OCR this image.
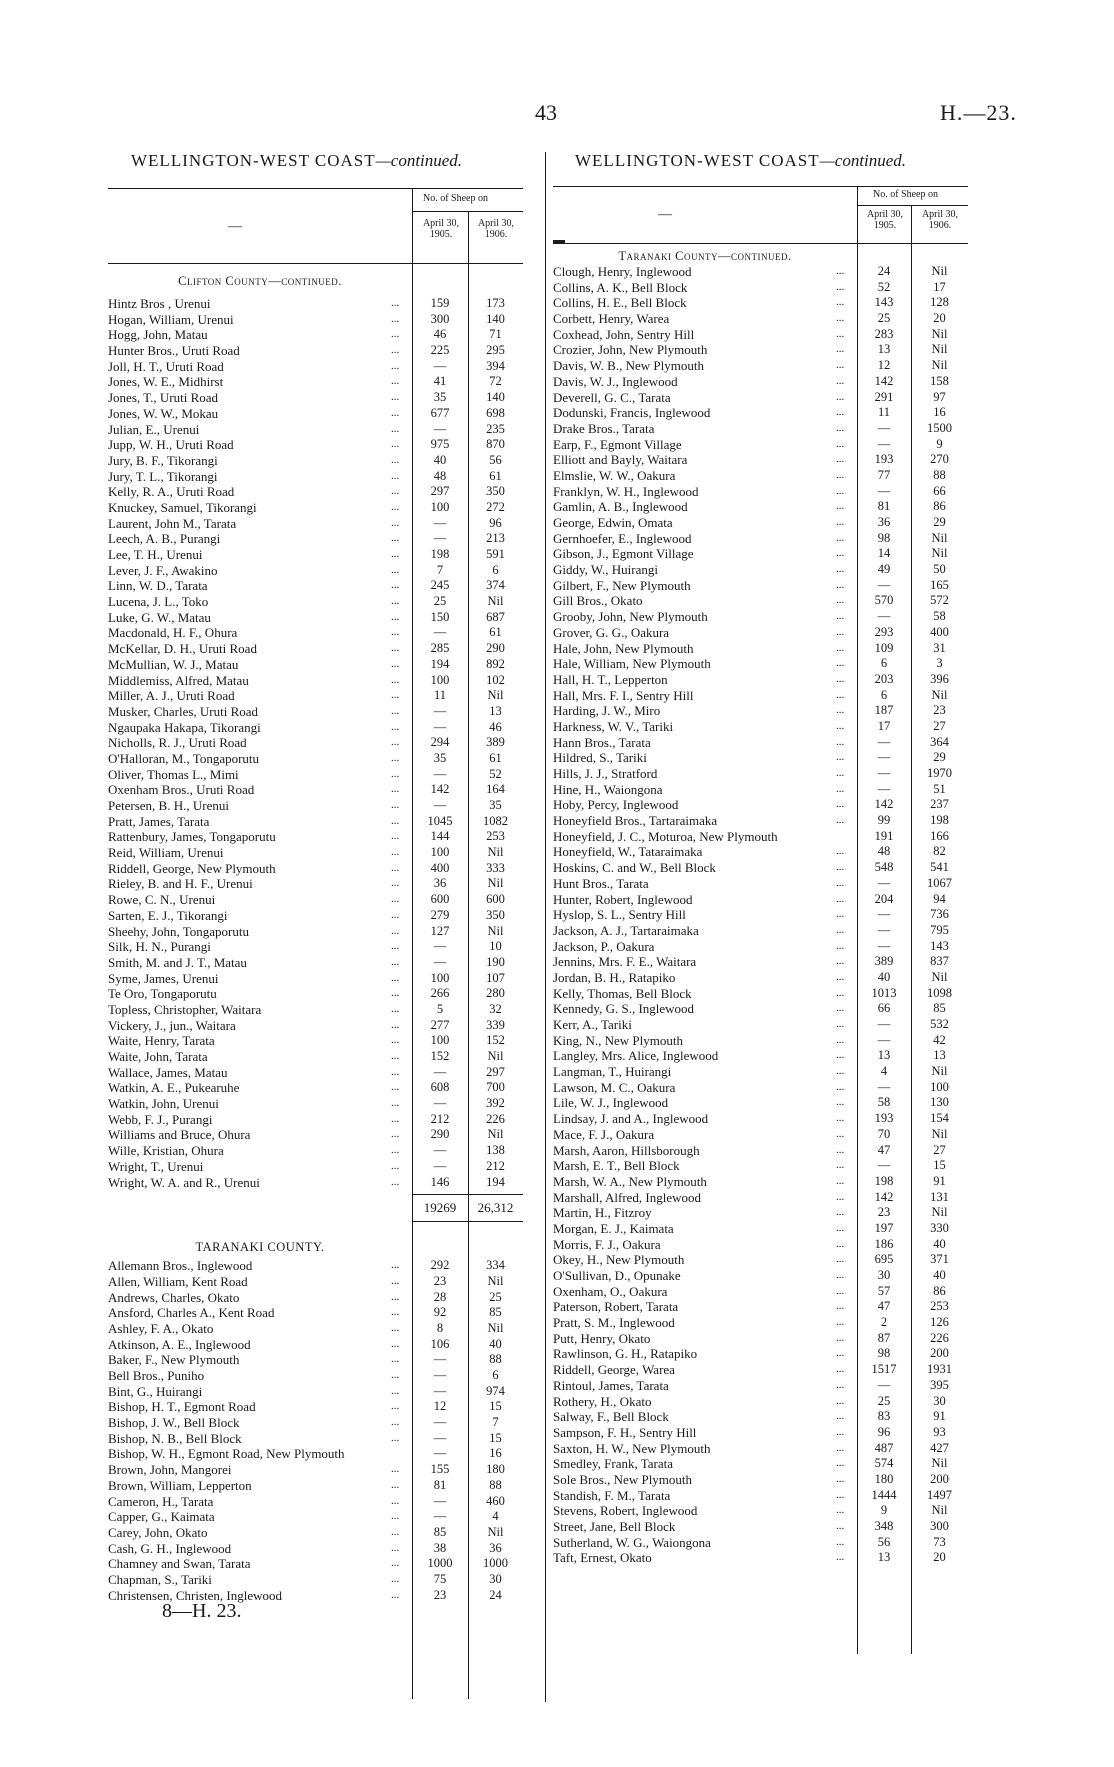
43	H.—23.
WELLINGTON-WEST COAST—continued.
—
No. of Sheep on
April 30, 1905.
April 30, 1906.
Clifton County—continued.
Hintz Bros , Urenui	...	159	173
Hogan, William, Urenui	...	300	140
Hogg, John, Matau	...	46	71
Hunter Bros., Uruti Road	...	225	295
Joll, H. T., Uruti Road	...	—	394
Jones, W. E., Midhirst	...	41	72
Jones, T., Uruti Road	...	35	140
Jones, W. W., Mokau	...	677	698
Julian, E., Urenui	...	—	235
Jupp, W. H., Uruti Road	...	975	870
Jury, B. F., Tikorangi	...	40	56
Jury, T. L., Tikorangi	...	48	61
Kelly, R. A., Uruti Road	...	297	350
Knuckey, Samuel, Tikorangi	...	100	272
Laurent, John M., Tarata	...	—	96
Leech, A. B., Purangi	...	—	213
Lee, T. H., Urenui	...	198	591
Lever, J. F., Awakino	...	7	6
Linn, W. D., Tarata	...	245	374
Lucena, J. L., Toko	...	25	Nil
Luke, G. W., Matau	...	150	687
Macdonald, H. F., Ohura	...	—	61
McKellar, D. H., Uruti Road	...	285	290
McMullian, W. J., Matau	...	194	892
Middlemiss, Alfred, Matau	...	100	102
Miller, A. J., Uruti Road	...	11	Nil
Musker, Charles, Uruti Road	...	—	13
Ngaupaka Hakapa, Tikorangi	...	—	46
Nicholls, R. J., Uruti Road	...	294	389
O'Halloran, M., Tongaporutu	...	35	61
Oliver, Thomas L., Mimi	...	—	52
Oxenham Bros., Uruti Road	...	142	164
Petersen, B. H., Urenui	...	—	35
Pratt, James, Tarata	...	1045	1082
Rattenbury, James, Tongaporutu	...	144	253
Reid, William, Urenui	...	100	Nil
Riddell, George, New Plymouth	...	400	333
Rieley, B. and H. F., Urenui	...	36	Nil
Rowe, C. N., Urenui	...	600	600
Sarten, E. J., Tikorangi	...	279	350
Sheehy, John, Tongaporutu	...	127	Nil
Silk, H. N., Purangi	...	—	10
Smith, M. and J. T., Matau	...	—	190
Syme, James, Urenui	...	100	107
Te Oro, Tongaporutu	...	266	280
Topless, Christopher, Waitara	...	5	32
Vickery, J., jun., Waitara	...	277	339
Waite, Henry, Tarata	...	100	152
Waite, John, Tarata	...	152	Nil
Wallace, James, Matau	...	—	297
Watkin, A. E., Pukearuhe	...	608	700
Watkin, John, Urenui	...	—	392
Webb, F. J., Purangi	...	212	226
Williams and Bruce, Ohura	...	290	Nil
Wille, Kristian, Ohura	...	—	138
Wright, T., Urenui	...	—	212
Wright, W. A. and R., Urenui	...	146	194
19269	26,312
TARANAKI COUNTY.
Allemann Bros., Inglewood	...	292	334
Allen, William, Kent Road	...	23	Nil
Andrews, Charles, Okato	...	28	25
Ansford, Charles A., Kent Road	...	92	85
Ashley, F. A., Okato	...	8	Nil
Atkinson, A. E., Inglewood	...	106	40
Baker, F., New Plymouth	...	—	88
Bell Bros., Puniho	...	—	6
Bint, G., Huirangi	...	—	974
Bishop, H. T., Egmont Road	...	12	15
Bishop, J. W., Bell Block	...	—	7
Bishop, N. B., Bell Block	...	—	15
Bishop, W. H., Egmont Road, New Plymouth	—	16
Brown, John, Mangorei	...	155	180
Brown, William, Lepperton	...	81	88
Cameron, H., Tarata	...	—	460
Capper, G., Kaimata	...	—	4
Carey, John, Okato	...	85	Nil
Cash, G. H., Inglewood	...	38	36
Chamney and Swan, Tarata	...	1000	1000
Chapman, S., Tariki	...	75	30
Christensen, Christen, Inglewood	...	23	24
8—H. 23.
WELLINGTON-WEST COAST—continued.
—
No. of Sheep on
April 30, 1905.
April 30, 1906.
Taranaki County—continued.
Clough, Henry, Inglewood	...	24	Nil
Collins, A. K., Bell Block	...	52	17
Collins, H. E., Bell Block	...	143	128
Corbett, Henry, Warea	...	25	20
Coxhead, John, Sentry Hill	...	283	Nil
Crozier, John, New Plymouth	...	13	Nil
Davis, W. B., New Plymouth	...	12	Nil
Davis, W. J., Inglewood	...	142	158
Deverell, G. C., Tarata	...	291	97
Dodunski, Francis, Inglewood	...	11	16
Drake Bros., Tarata	...	—	1500
Earp, F., Egmont Village	...	—	9
Elliott and Bayly, Waitara	...	193	270
Elmslie, W. W., Oakura	...	77	88
Franklyn, W. H., Inglewood	...	—	66
Gamlin, A. B., Inglewood	...	81	86
George, Edwin, Omata	...	36	29
Gernhoefer, E., Inglewood	...	98	Nil
Gibson, J., Egmont Village	...	14	Nil
Giddy, W., Huirangi	...	49	50
Gilbert, F., New Plymouth	...	—	165
Gill Bros., Okato	...	570	572
Grooby, John, New Plymouth	...	—	58
Grover, G. G., Oakura	...	293	400
Hale, John, New Plymouth	...	109	31
Hale, William, New Plymouth	...	6	3
Hall, H. T., Lepperton	...	203	396
Hall, Mrs. F. I., Sentry Hill	...	6	Nil
Harding, J. W., Miro	...	187	23
Harkness, W. V., Tariki	...	17	27
Hann Bros., Tarata	...	—	364
Hildred, S., Tariki	...	—	29
Hills, J. J., Stratford	...	—	1970
Hine, H., Waiongona	...	—	51
Hoby, Percy, Inglewood	...	142	237
Honeyfield Bros., Tartaraimaka	...	99	198
Honeyfield, J. C., Moturoa, New Plymouth	191	166
Honeyfield, W., Tataraimaka	...	48	82
Hoskins, C. and W., Bell Block	...	548	541
Hunt Bros., Tarata	...	—	1067
Hunter, Robert, Inglewood	...	204	94
Hyslop, S. L., Sentry Hill	...	—	736
Jackson, A. J., Tartaraimaka	...	—	795
Jackson, P., Oakura	...	—	143
Jennins, Mrs. F. E., Waitara	...	389	837
Jordan, B. H., Ratapiko	...	40	Nil
Kelly, Thomas, Bell Block	...	1013	1098
Kennedy, G. S., Inglewood	...	66	85
Kerr, A., Tariki	...	—	532
King, N., New Plymouth	...	—	42
Langley, Mrs. Alice, Inglewood	...	13	13
Langman, T., Huirangi	...	4	Nil
Lawson, M. C., Oakura	...	—	100
Lile, W. J., Inglewood	...	58	130
Lindsay, J. and A., Inglewood	...	193	154
Mace, F. J., Oakura	...	70	Nil
Marsh, Aaron, Hillsborough	...	47	27
Marsh, E. T., Bell Block	...	—	15
Marsh, W. A., New Plymouth	...	198	91
Marshall, Alfred, Inglewood	...	142	131
Martin, H., Fitzroy	...	23	Nil
Morgan, E. J., Kaimata	...	197	330
Morris, F. J., Oakura	...	186	40
Okey, H., New Plymouth	...	695	371
O'Sullivan, D., Opunake	...	30	40
Oxenham, O., Oakura	...	57	86
Paterson, Robert, Tarata	...	47	253
Pratt, S. M., Inglewood	...	2	126
Putt, Henry, Okato	...	87	226
Rawlinson, G. H., Ratapiko	...	98	200
Riddell, George, Warea	...	1517	1931
Rintoul, James, Tarata	...	—	395
Rothery, H., Okato	...	25	30
Salway, F., Bell Block	...	83	91
Sampson, F. H., Sentry Hill	...	96	93
Saxton, H. W., New Plymouth	...	487	427
Smedley, Frank, Tarata	...	574	Nil
Sole Bros., New Plymouth	...	180	200
Standish, F. M., Tarata	...	1444	1497
Stevens, Robert, Inglewood	...	9	Nil
Street, Jane, Bell Block	...	348	300
Sutherland, W. G., Waiongona	...	56	73
Taft, Ernest, Okato	...	13	20
